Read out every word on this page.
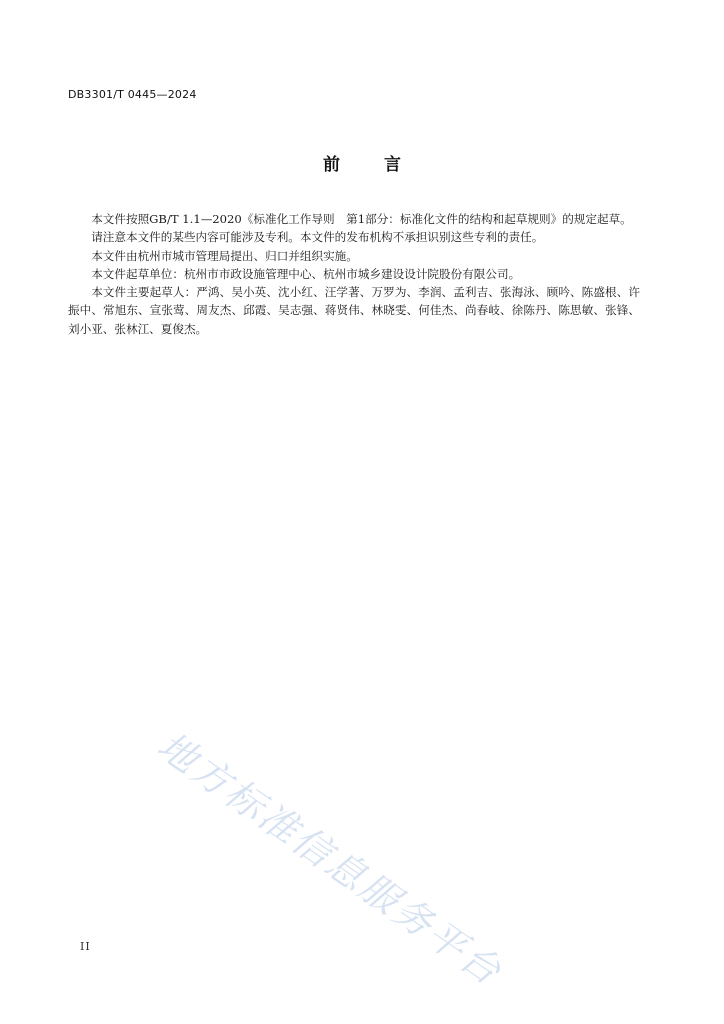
DB3301/T 0445—2024
前言

本文件按照GB/T 1.1—2020《标准化工作导则　第1部分：标准化文件的结构和起草规则》的规定起草。

请注意本文件的某些内容可能涉及专利。本文件的发布机构不承担识别这些专利的责任。

本文件由杭州市城市管理局提出、归口并组织实施。

本文件起草单位：杭州市市政设施管理中心、杭州市城乡建设设计院股份有限公司。

本文件主要起草人：严鸿、吴小英、沈小红、汪学著、万罗为、李润、孟利吉、张海泳、顾吟、陈盛根、许振中、常旭东、宣张莺、周友杰、邱霞、吴志强、蒋贤伟、林晓雯、何佳杰、尚春岐、徐陈丹、陈思敏、张锋、刘小亚、张林江、夏俊杰。

地方标准信息服务平台
II
